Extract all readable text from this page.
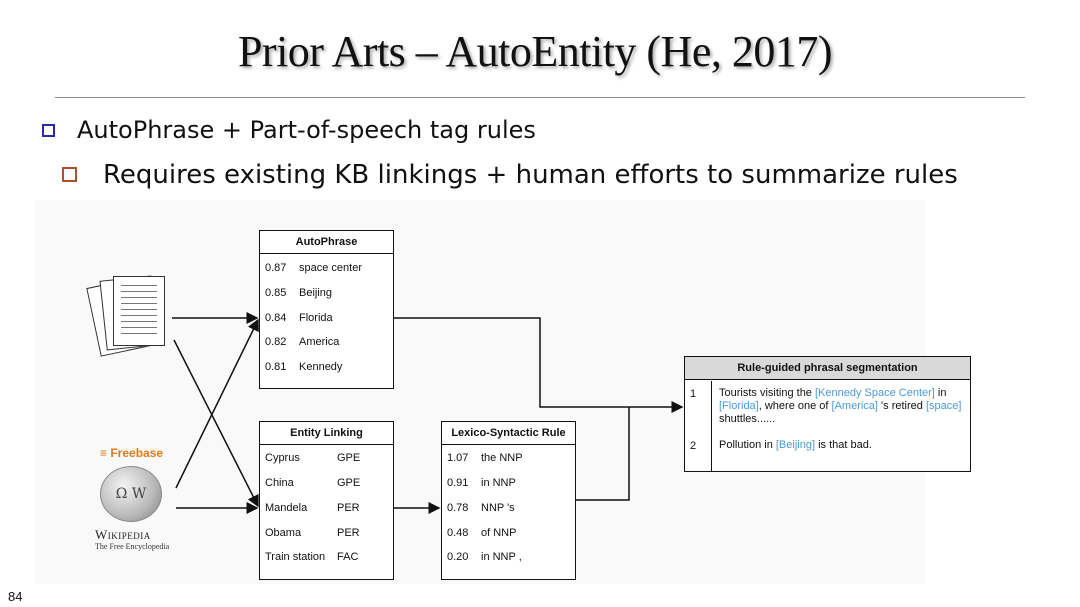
Prior Arts – AutoEntity (He, 2017)
AutoPhrase + Part-of-speech tag rules
Requires existing KB linkings + human efforts to summarize rules
≡ Freebase
Ω W
Wikipedia
The Free Encyclopedia
AutoPhrase
0.87 space center
0.85 Beijing
0.84 Florida
0.82 America
0.81 Kennedy
Entity Linking
Cyprus	GPE
China	GPE
Mandela	PER
Obama	PER
Train station FAC
Lexico-Syntactic Rule
1.07 the NNP
0.91 in NNP
0.78 NNP 's
0.48 of NNP
0.20 in NNP ,
Rule-guided phrasal segmentation
1 Tourists visiting the [Kennedy Space Center] in [Florida], where one of [America] 's retired [space] shuttles......
2 Pollution in [Beijing] is that bad.
84
